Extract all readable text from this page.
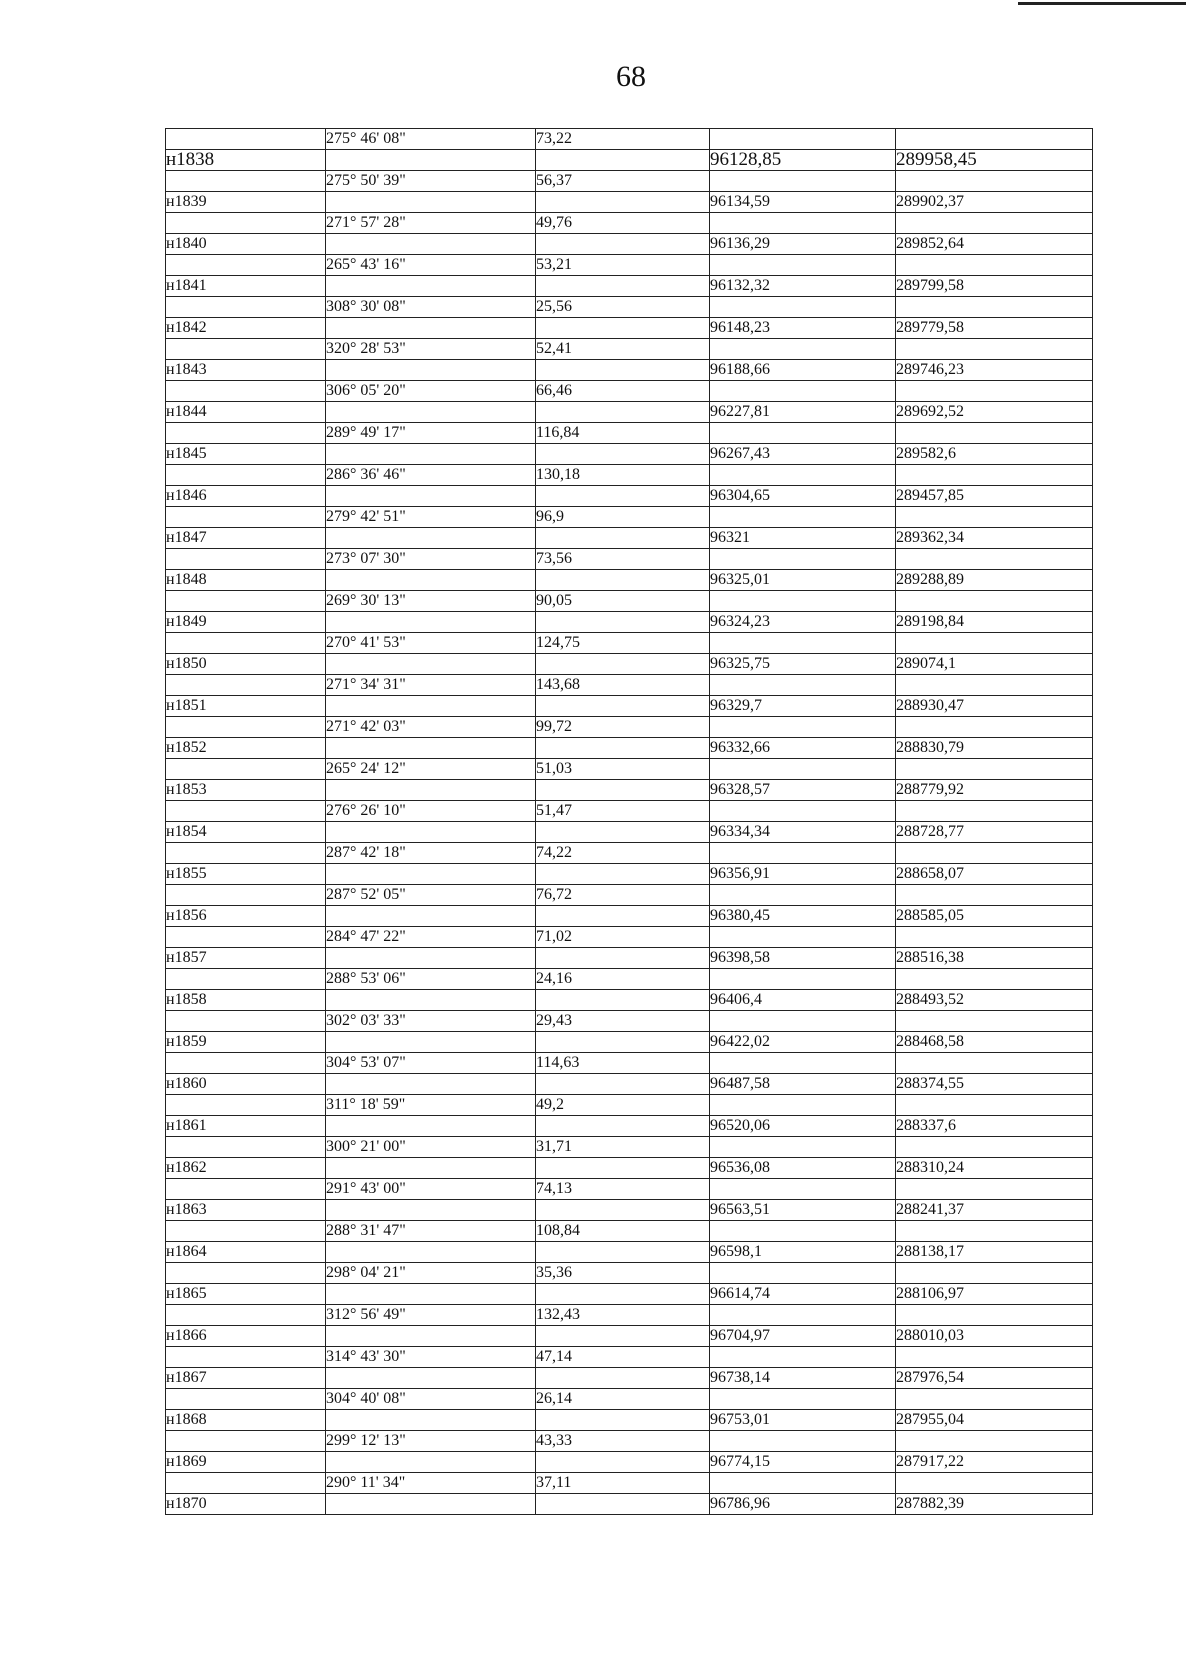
68
	275° 46' 08"	73,22		
н1838			96128,85	289958,45
	275° 50' 39"	56,37		
н1839			96134,59	289902,37
	271° 57' 28"	49,76		
н1840			96136,29	289852,64
	265° 43' 16"	53,21		
н1841			96132,32	289799,58
	308° 30' 08"	25,56		
н1842			96148,23	289779,58
	320° 28' 53"	52,41		
н1843			96188,66	289746,23
	306° 05' 20"	66,46		
н1844			96227,81	289692,52
	289° 49' 17"	116,84		
н1845			96267,43	289582,6
	286° 36' 46"	130,18		
н1846			96304,65	289457,85
	279° 42' 51"	96,9		
н1847			96321	289362,34
	273° 07' 30"	73,56		
н1848			96325,01	289288,89
	269° 30' 13"	90,05		
н1849			96324,23	289198,84
	270° 41' 53"	124,75		
н1850			96325,75	289074,1
	271° 34' 31"	143,68		
н1851			96329,7	288930,47
	271° 42' 03"	99,72		
н1852			96332,66	288830,79
	265° 24' 12"	51,03		
н1853			96328,57	288779,92
	276° 26' 10"	51,47		
н1854			96334,34	288728,77
	287° 42' 18"	74,22		
н1855			96356,91	288658,07
	287° 52' 05"	76,72		
н1856			96380,45	288585,05
	284° 47' 22"	71,02		
н1857			96398,58	288516,38
	288° 53' 06"	24,16		
н1858			96406,4	288493,52
	302° 03' 33"	29,43		
н1859			96422,02	288468,58
	304° 53' 07"	114,63		
н1860			96487,58	288374,55
	311° 18' 59"	49,2		
н1861			96520,06	288337,6
	300° 21' 00"	31,71		
н1862			96536,08	288310,24
	291° 43' 00"	74,13		
н1863			96563,51	288241,37
	288° 31' 47"	108,84		
н1864			96598,1	288138,17
	298° 04' 21"	35,36		
н1865			96614,74	288106,97
	312° 56' 49"	132,43		
н1866			96704,97	288010,03
	314° 43' 30"	47,14		
н1867			96738,14	287976,54
	304° 40' 08"	26,14		
н1868			96753,01	287955,04
	299° 12' 13"	43,33		
н1869			96774,15	287917,22
	290° 11' 34"	37,11		
н1870			96786,96	287882,39
